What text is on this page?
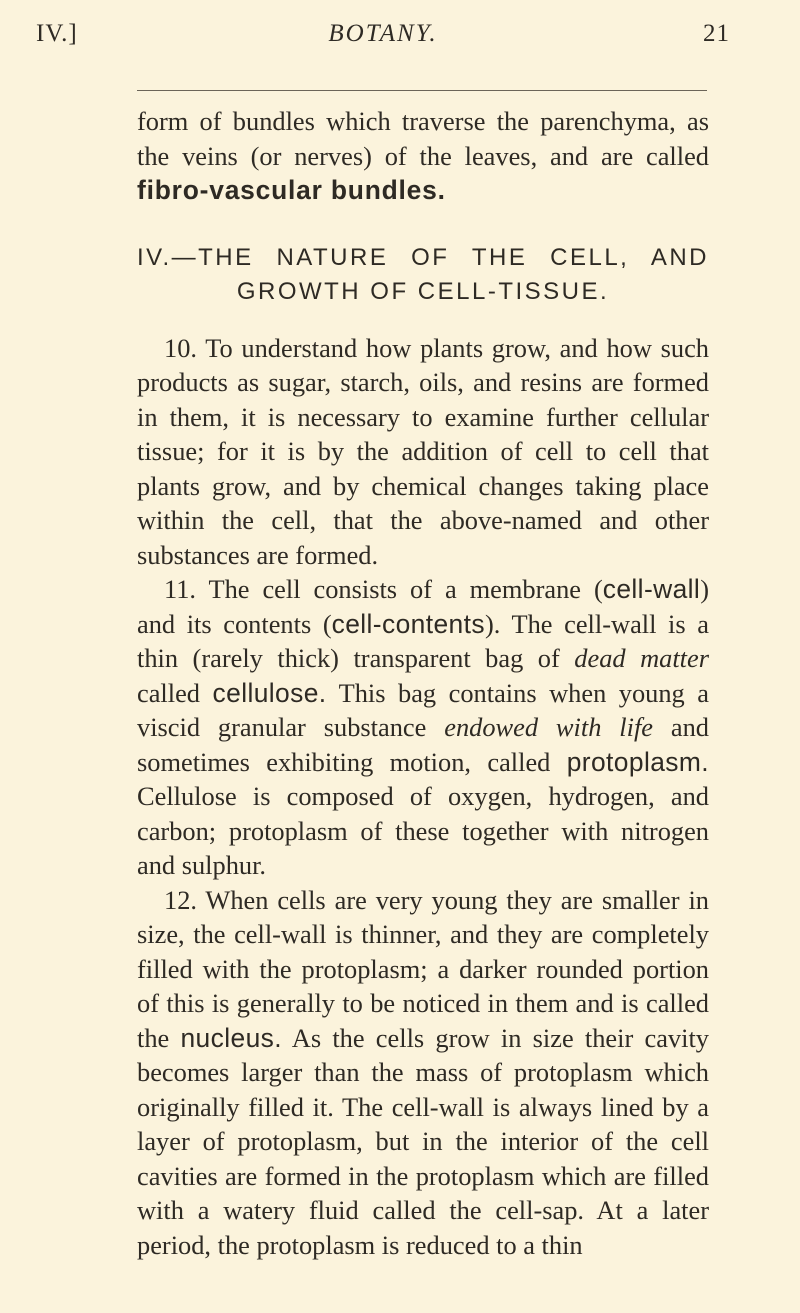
IV.]	BOTANY.	21

form of bundles which traverse the parenchyma, as the veins (or nerves) of the leaves, and are called fibro-vascular bundles.

IV.—THE NATURE OF THE CELL, AND
GROWTH OF CELL-TISSUE.

10. To understand how plants grow, and how such products as sugar, starch, oils, and resins are formed in them, it is necessary to examine further cellular tissue; for it is by the addition of cell to cell that plants grow, and by chemical changes taking place within the cell, that the above-named and other substances are formed.

11. The cell consists of a membrane (cell-wall) and its contents (cell-contents). The cell-wall is a thin (rarely thick) transparent bag of dead matter called cellulose. This bag contains when young a viscid granular substance endowed with life and sometimes exhibiting motion, called protoplasm. Cellulose is composed of oxygen, hydrogen, and carbon; protoplasm of these together with nitrogen and sulphur.

12. When cells are very young they are smaller in size, the cell-wall is thinner, and they are completely filled with the protoplasm; a darker rounded portion of this is generally to be noticed in them and is called the nucleus. As the cells grow in size their cavity becomes larger than the mass of protoplasm which originally filled it. The cell-wall is always lined by a layer of protoplasm, but in the interior of the cell cavities are formed in the protoplasm which are filled with a watery fluid called the cell-sap. At a later period, the protoplasm is reduced to a thin
